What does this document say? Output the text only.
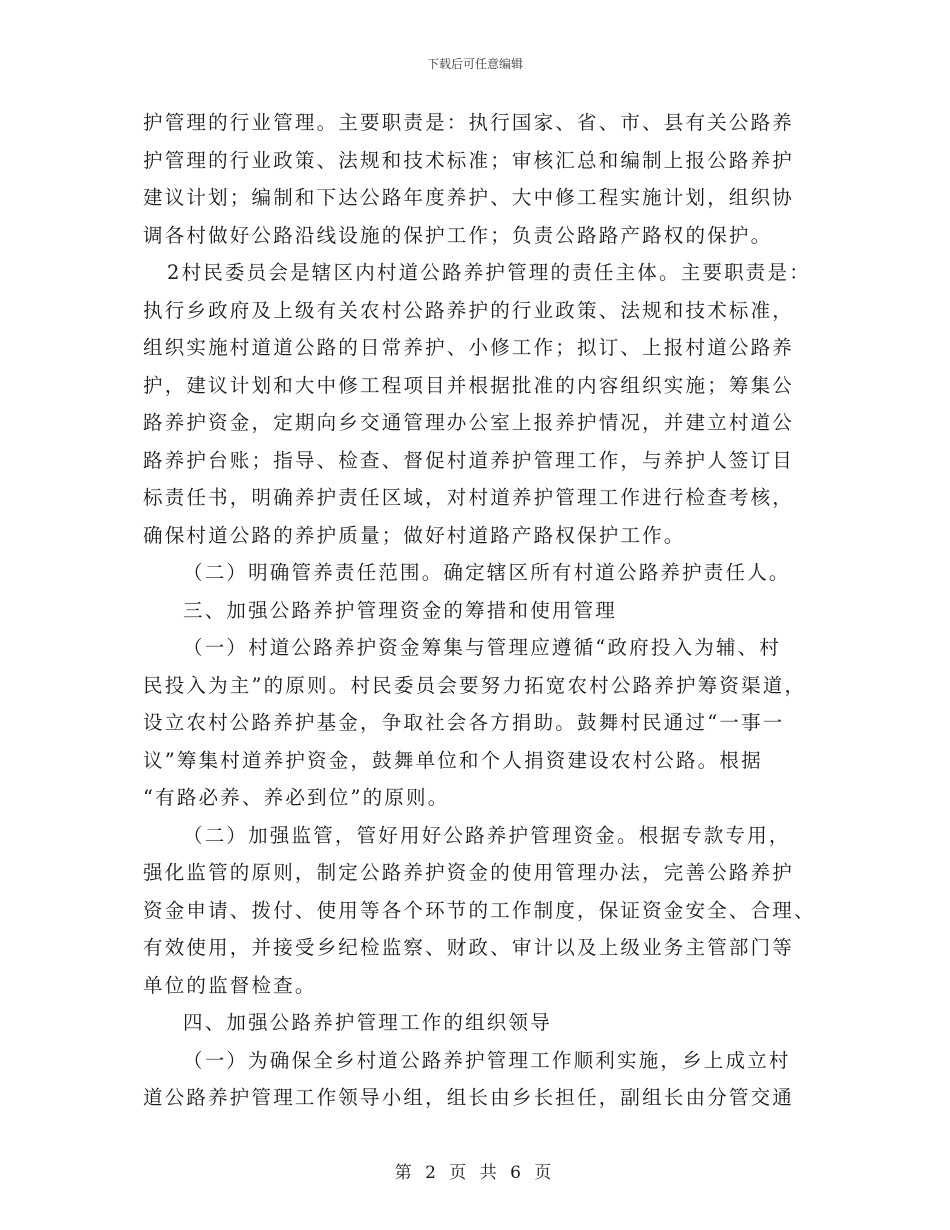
下载后可任意编辑
护管理的行业管理。主要职责是：执行国家、省、市、县有关公路养
护管理的行业政策、法规和技术标准；审核汇总和编制上报公路养护
建议计划；编制和下达公路年度养护、大中修工程实施计划，组织协
调各村做好公路沿线设施的保护工作；负责公路路产路权的保护。
2村民委员会是辖区内村道公路养护管理的责任主体。主要职责是：
执行乡政府及上级有关农村公路养护的行业政策、法规和技术标准，
组织实施村道道公路的日常养护、小修工作；拟订、上报村道公路养
护，建议计划和大中修工程项目并根据批准的内容组织实施；筹集公
路养护资金，定期向乡交通管理办公室上报养护情况，并建立村道公
路养护台账；指导、检查、督促村道养护管理工作，与养护人签订目
标责任书，明确养护责任区域，对村道养护管理工作进行检查考核，
确保村道公路的养护质量；做好村道路产路权保护工作。
（二）明确管养责任范围。确定辖区所有村道公路养护责任人。
三、加强公路养护管理资金的筹措和使用管理
（一）村道公路养护资金筹集与管理应遵循“政府投入为辅、村
民投入为主”的原则。村民委员会要努力拓宽农村公路养护筹资渠道，
设立农村公路养护基金，争取社会各方捐助。鼓舞村民通过“一事一
议”筹集村道养护资金，鼓舞单位和个人捐资建设农村公路。根据
“有路必养、养必到位”的原则。
（二）加强监管，管好用好公路养护管理资金。根据专款专用，
强化监管的原则，制定公路养护资金的使用管理办法，完善公路养护
资金申请、拨付、使用等各个环节的工作制度，保证资金安全、合理、
有效使用，并接受乡纪检监察、财政、审计以及上级业务主管部门等
单位的监督检查。
四、加强公路养护管理工作的组织领导
（一）为确保全乡村道公路养护管理工作顺利实施，乡上成立村
道公路养护管理工作领导小组，组长由乡长担任，副组长由分管交通
第 2 页 共 6 页
